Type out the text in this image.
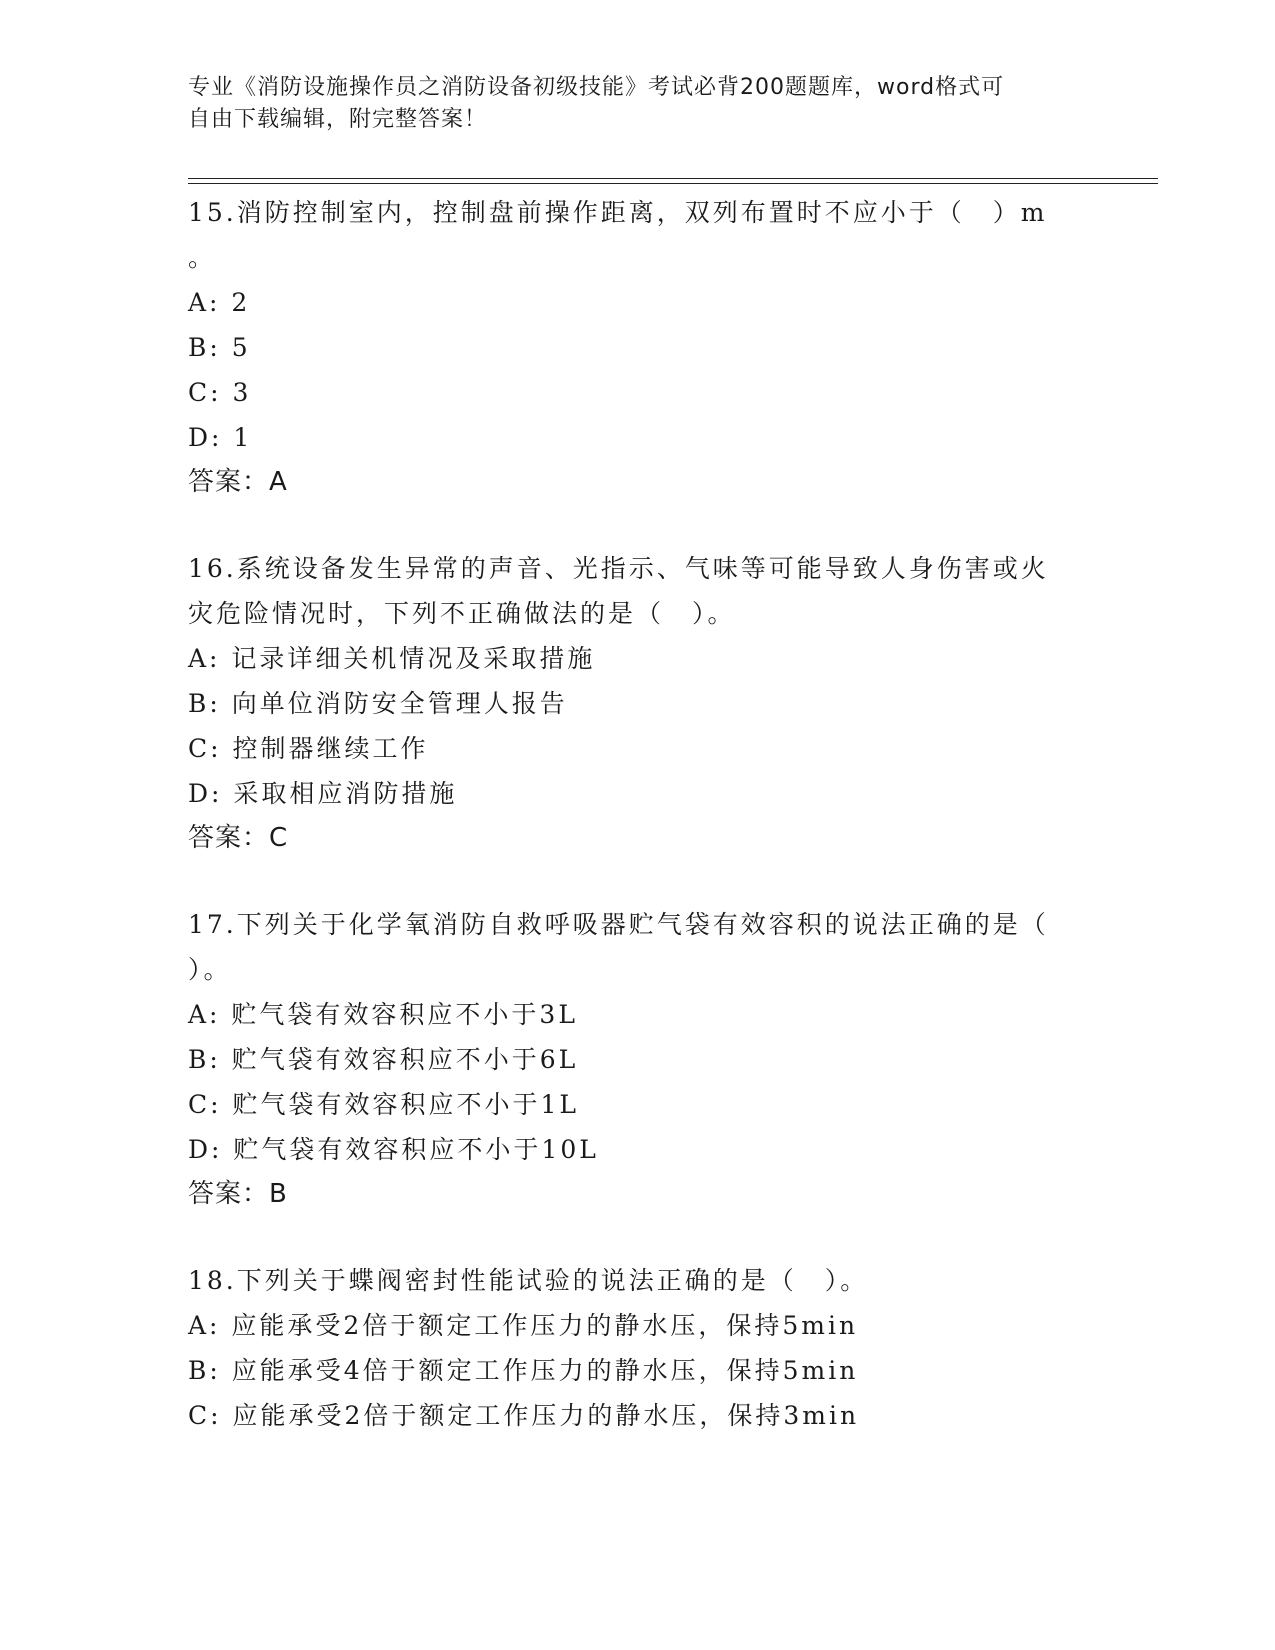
专业《消防设施操作员之消防设备初级技能》考试必背200题题库，word格式可
自由下载编辑，附完整答案！
15.消防控制室内，控制盘前操作距离，双列布置时不应小于（　）m
。
A: 2
B: 5
C: 3
D: 1
答案：A
16.系统设备发生异常的声音、光指示、气味等可能导致人身伤害或火
灾危险情况时，下列不正确做法的是（　）。
A: 记录详细关机情况及采取措施
B: 向单位消防安全管理人报告
C: 控制器继续工作
D: 采取相应消防措施
答案：C
17.下列关于化学氧消防自救呼吸器贮气袋有效容积的说法正确的是（
）。
A: 贮气袋有效容积应不小于3L
B: 贮气袋有效容积应不小于6L
C: 贮气袋有效容积应不小于1L
D: 贮气袋有效容积应不小于10L
答案：B
18.下列关于蝶阀密封性能试验的说法正确的是（　）。
A: 应能承受2倍于额定工作压力的静水压，保持5min
B: 应能承受4倍于额定工作压力的静水压，保持5min
C: 应能承受2倍于额定工作压力的静水压，保持3min
